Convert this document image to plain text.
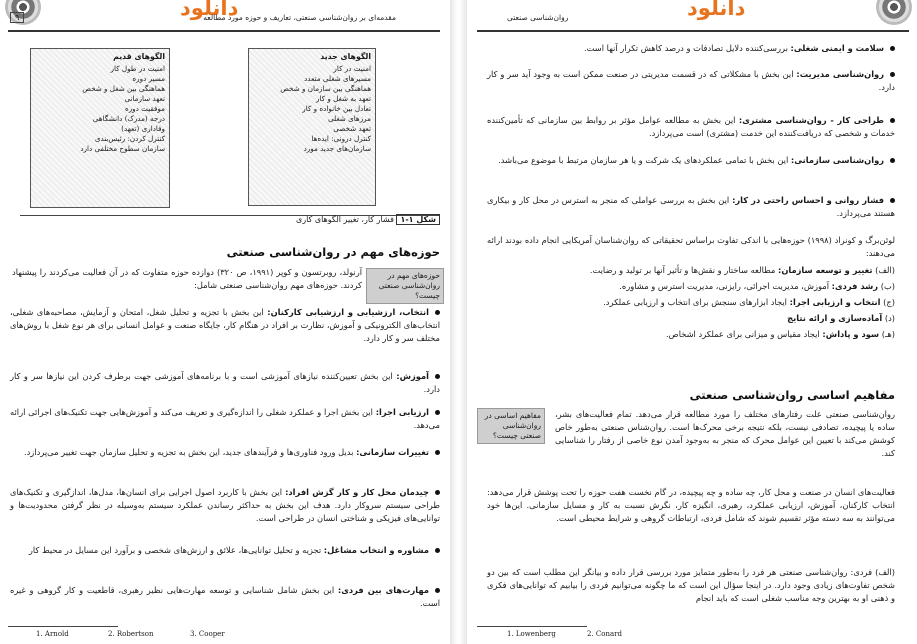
دانلود
۹	مقدمه‌ای بر روان‌شناسی صنعتی، تعاریف و حوزه مورد مطالعه
الگوهای قدیم
امنیت در طول کار
مسیر دوره
هماهنگی بین شغل و شخص
تعهد سازمانی
موفقیت دوره
درجه (مدرک) دانشگاهی
وفاداری (تعهد)
کنترل کردن: رئیس‌بندی
سازمان سطوح مختلفی دارد
الگوهای جدید
امنیت در کار
مسیرهای شغلی متعدد
هماهنگی بین سازمان و شخص
تعهد به شغل و کار
تعادل بین خانواده و کار
مرزهای شغلی
تعهد شخصی
کنترل درونی: ایده‌ها
سازمان‌های جدید مورد
شکل ۱-۱ فشار کار، تغییر الگوهای کاری
حوزه‌های مهم در روان‌شناسی صنعتی
حوزه‌های مهم در روان‌شناسی صنعتی چیست؟
آرنولد، روبرتسون و کوپر (۱۹۹۱، ص ۳۲۰) دوازده حوزه متفاوت که در آن فعالیت می‌کردند را پیشنهاد کردند. حوزه‌های مهم روان‌شناسی صنعتی شامل:
انتخاب، ارزشیابی و ارزشیابی کارکنان: این بخش با تجزیه و تحلیل شغل، امتحان و آزمایش، مصاحبه‌های شغلی، انتخاب‌های الکترونیکی و آموزش، نظارت بر افراد در هنگام کار، جایگاه صنعت و عوامل انسانی برای هر نوع شغل با روش‌های مختلف سر و کار دارد.
آموزش: این بخش تعیین‌کننده نیازهای آموزشی است و با برنامه‌های آموزشی جهت برطرف کردن این نیازها سر و کار دارد.
ارزیابی اجرا: این بخش اجرا و عملکرد شغلی را اندازه‌گیری و تعریف می‌کند و آموزش‌هایی جهت تکنیک‌های اجرائی ارائه می‌دهد.
تغییرات سازمانی: بدیل ورود فناوری‌ها و فرآیندهای جدید، این بخش به تجزیه و تحلیل سازمان جهت تغییر می‌پردازد.
چیدمان محل کار و کار گزش افراد: این بخش با کاربرد اصول اجرایی برای انسان‌ها، مدل‌ها، انداز‌گیری و تکنیک‌های طراحی سیستم سروکار دارد. هدف این بخش به حداکثر رساندن عملکرد سیستم به‌وسیله در نظر گرفتن محدودیت‌ها و توانایی‌های فیزیکی و شناختی انسان در طراحی است.
مشاوره و انتخاب مشاغل: تجزیه و تحلیل توانایی‌ها، علائق و ارزش‌های شخصی و برآورد این مسایل در محیط کار
مهارت‌های بین فردی: این بخش شامل شناسایی و توسعه مهارت‌هایی نظیر رهبری، قاطعیت و کار گروهی و غیره است.
1. Arnold	2. Robertson	3. Cooper
دانلود
روان‌شناسی صنعتی
سلامت و ایمنی شغلی: بررسی‌کننده دلایل تصادفات و درصد کاهش تکرار آنها است.
روان‌شناسی مدیریت: این بخش با مشکلاتی که در قسمت مدیریتی در صنعت ممکن است به وجود آید سر و کار دارد.
طراحی کار - روان‌شناسی مشتری: این بخش به مطالعه عوامل مؤثر بر روابط بین سازمانی که تأمین‌کننده خدمات و شخصی که دریافت‌کننده این خدمت (مشتری) است می‌پردازد.
روان‌شناسی سازمانی: این بخش با تمامی عملکردهای یک شرکت و یا هر سازمان مرتبط با موضوع می‌باشد.
فشار روانی و احساس راحتی در کار: این بخش به بررسی عواملی که منجر به استرس در محل کار و بیکاری هستند می‌پردازد.
لوئن‌برگ و کونراد (۱۹۹۸) حوزه‌هایی با اندکی تفاوت براساس تحقیقاتی که روان‌شناسان آمریکایی انجام داده بودند ارائه می‌دهند:
(الف) تغییر و توسعه سازمان: مطالعه ساختار و نقش‌ها و تأثیر آنها بر تولید و رضایت.
(ب) رشد فردی: آموزش، مدیریت اجرائی، رایزنی، مدیریت استرس و مشاوره.
(ج) انتخاب و ارزیابی اجرا: ایجاد ابزارهای سنجش برای انتخاب و ارزیابی عملکرد.
(د) آماده‌سازی و ارائه نتایج
(هـ) سود و پاداش: ایجاد مقیاس و میزانی برای عملکرد اشخاص.
مفاهیم اساسی روان‌شناسی صنعتی
مفاهیم اساسی در روان‌شناسی صنعتی چیست؟
روان‌شناسی صنعتی علت رفتارهای مختلف را مورد مطالعه قرار می‌دهد. تمام فعالیت‌های بشر، ساده یا پیچیده، تصادفی نیست، بلکه نتیجه برخی محرک‌ها است. روان‌شناس صنعتی به‌طور خاص کوشش می‌کند با تعیین این عوامل محرک که منجر به به‌وجود آمدن نوع خاصی از رفتار را شناسایی کند.
فعالیت‌های انسان در صنعت و محل کار، چه ساده و چه پیچیده، در گام نخست هفت حوزه را تحت پوشش قرار می‌دهد: انتخاب کارکنان، آموزش، ارزیابی عملکرد، رهبری، انگیزه کار، نگرش نسبت به کار و مسایل سازمانی. این‌ها خود می‌توانند به سه دسته مؤثر تقسیم شوند که شامل فردی، ارتباطات گروهی و شرایط محیطی است.
(الف) فردی: روان‌شناسی صنعتی هر فرد را به‌طور متمایز مورد بررسی قرار داده و بیانگر این مطلب است که بین دو شخص تفاوت‌های زیادی وجود دارد. در اینجا سؤال این است که ما چگونه می‌توانیم فردی را بیابیم که توانایی‌های فکری و ذهنی او به بهترین وجه مناسب شغلی است که باید انجام
1. Lowenberg	2. Conard
